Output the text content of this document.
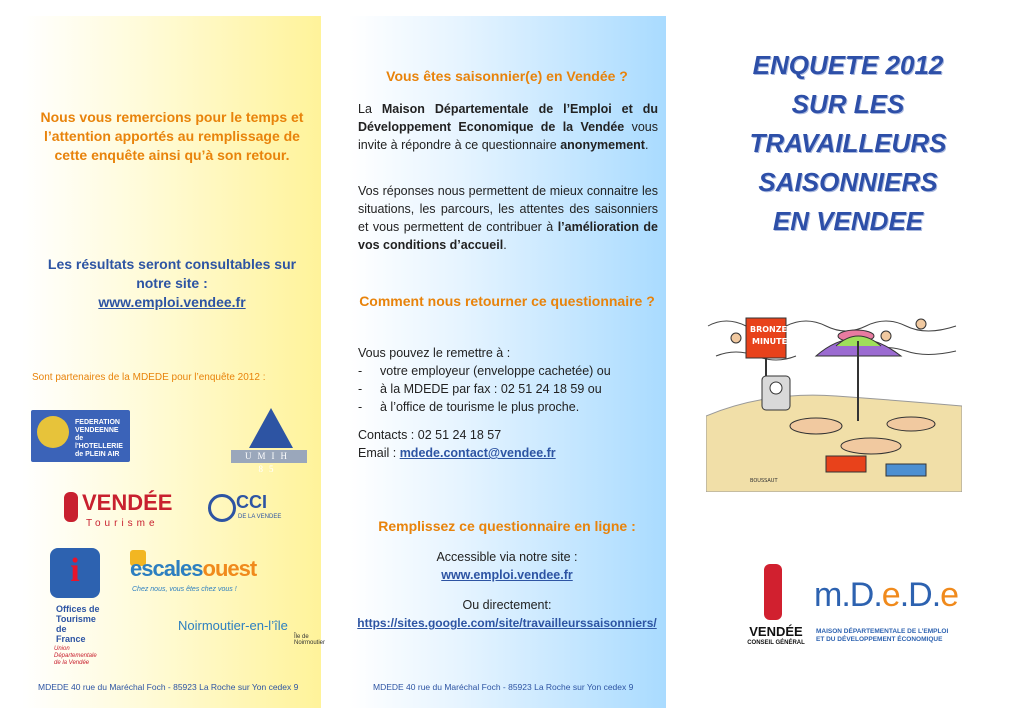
Nous vous remercions pour le temps et l’attention apportés au remplissage de cette enquête ainsi qu’à son retour.
Les résultats seront consultables sur notre site :
www.emploi.vendee.fr
Sont partenaires de la MDEDE pour l’enquête 2012 :
FEDERATION
VENDEENNE
de l'HOTELLERIE
de PLEIN AIR	UMIH 85
VENDÉE
Tourisme
CCI
DE LA VENDEE
i
Offices de
Tourisme de
France
Union Départementale
de la Vendée
escalesouest
Chez nous, vous êtes chez vous !
Noirmoutier-en-l’île
Île de Noirmoutier
MDEDE 40 rue du Maréchal Foch - 85923 La Roche sur Yon cedex 9
Vous êtes saisonnier(e) en Vendée ?
La Maison Départementale de l’Emploi et du Développement Economique de la Vendée vous invite à répondre à ce questionnaire anonymement.
Vos réponses nous permettent de mieux connaitre les situations, les parcours, les attentes des saisonniers et vous permettent de contribuer à l’amélioration de vos conditions d’accueil.
Comment nous retourner ce questionnaire ?
Vous pouvez le remettre à :
- votre employeur (enveloppe cachetée) ou
- à la MDEDE par fax : 02 51 24 18 59 ou
- à l’office de tourisme le plus proche.
Contacts : 02 51 24 18 57
Email : mdede.contact@vendee.fr
Remplissez ce questionnaire en ligne :
Accessible via notre site :
www.emploi.vendee.fr
Ou directement:
https://sites.google.com/site/travailleurssaisonniers/
MDEDE 40 rue du Maréchal Foch - 85923 La Roche sur Yon cedex 9
ENQUETE 2012
SUR LES
TRAVAILLEURS
SAISONNIERS
EN VENDEE
BRONZE
MINUTE
BOUSSAUT
VENDÉE
CONSEIL GÉNÉRAL
m.D.e.D.e
MAISON DÉPARTEMENTALE DE L’EMPLOI
ET DU DÉVELOPPEMENT ÉCONOMIQUE
